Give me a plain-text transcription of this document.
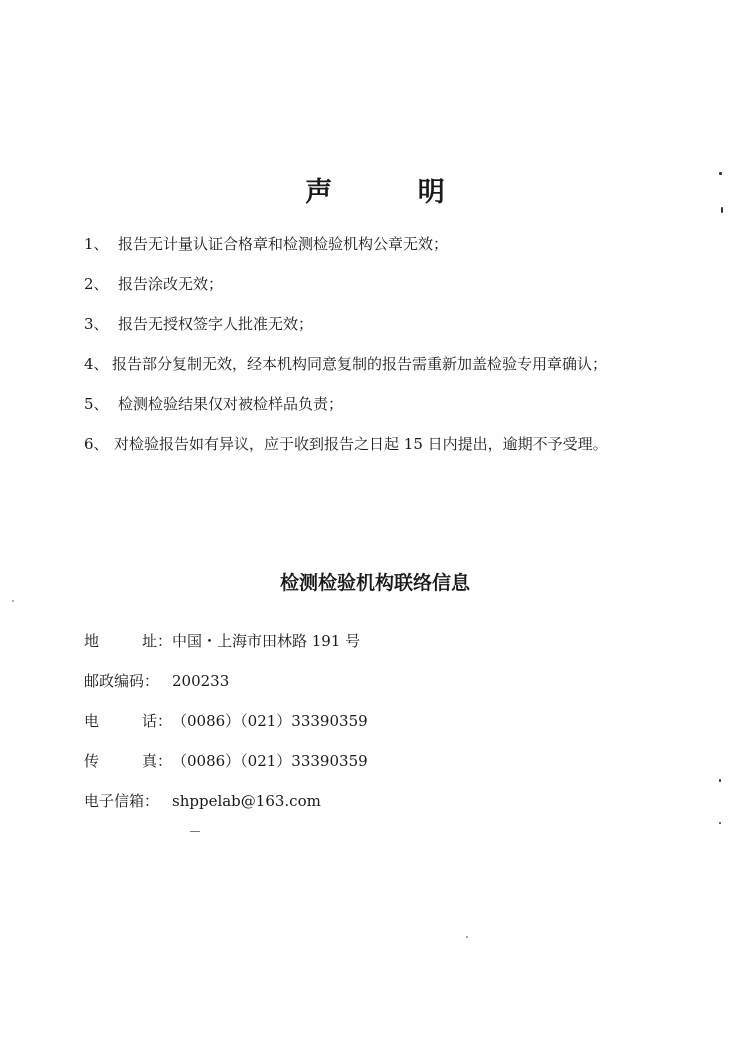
声 明
1、 报告无计量认证合格章和检测检验机构公章无效；
2、 报告涂改无效；
3、 报告无授权签字人批准无效；
4、 报告部分复制无效，经本机构同意复制的报告需重新加盖检验专用章确认；
5、 检测检验结果仅对被检样品负责；
6、 对检验报告如有异议，应于收到报告之日起 15 日内提出，逾期不予受理。
检测检验机构联络信息
地	址： 中国・上海市田林路 191 号
邮政编码： 200233
电	话： （0086）（021）33390359
传	真： （0086）（021）33390359
电子信箱： shppelab@163.com
